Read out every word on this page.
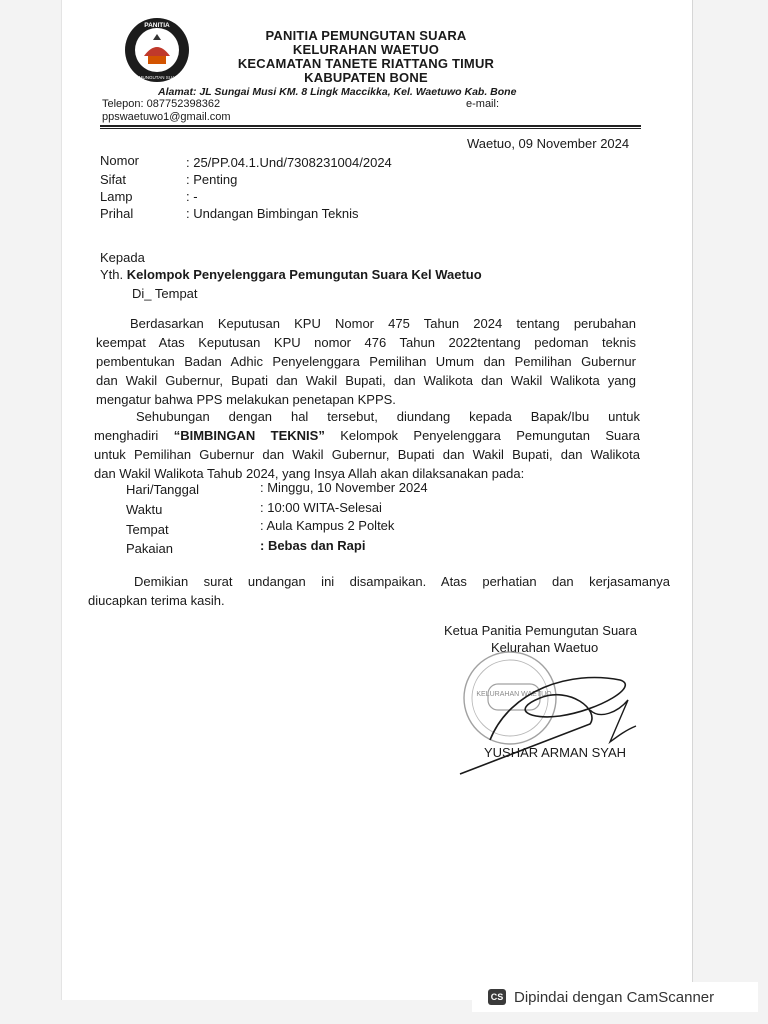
PANITIA
PEMUNGUTAN SUARA
PANITIA PEMUNGUTAN SUARA
KELURAHAN WAETUO
KECAMATAN TANETE RIATTANG TIMUR
KABUPATEN BONE
Alamat: JL Sungai Musi KM. 8 Lingk Maccikka, Kel. Waetuwo Kab. Bone
Telepon: 087752398362	e-mail:
ppswaetuwo1@gmail.com
Waetuo, 09 November 2024
Nomor	: 25/PP.04.1.Und/7308231004/2024
Sifat	: Penting
Lamp	: -
Prihal	: Undangan Bimbingan Teknis
Kepada
Yth. Kelompok Penyelenggara Pemungutan Suara Kel Waetuo
Di_ Tempat
Berdasarkan Keputusan KPU Nomor 475 Tahun 2024 tentang perubahan
keempat Atas Keputusan KPU nomor 476 Tahun 2022tentang pedoman teknis
pembentukan Badan Adhic Penyelenggara Pemilihan Umum dan Pemilihan Gubernur
dan Wakil Gubernur, Bupati dan Wakil Bupati, dan Walikota dan Wakil Walikota yang
mengatur bahwa PPS melakukan penetapan KPPS.
Sehubungan dengan hal tersebut, diundang kepada Bapak/Ibu untuk
menghadiri “BIMBINGAN TEKNIS” Kelompok Penyelenggara Pemungutan Suara
untuk Pemilihan Gubernur dan Wakil Gubernur, Bupati dan Wakil Bupati, dan Walikota
dan Wakil Walikota Tahub 2024, yang Insya Allah akan dilaksanakan pada:
Hari/Tanggal	: Minggu, 10 November 2024
Waktu	: 10:00 WITA-Selesai
Tempat	: Aula Kampus 2 Poltek
Pakaian	: Bebas dan Rapi
Demikian surat undangan ini disampaikan. Atas perhatian dan kerjasamanya
diucapkan terima kasih.
Ketua Panitia Pemungutan Suara
Kelurahan Waetuo
KELURAHAN WAETUO
YUSHAR ARMAN SYAH
CS Dipindai dengan CamScanner
